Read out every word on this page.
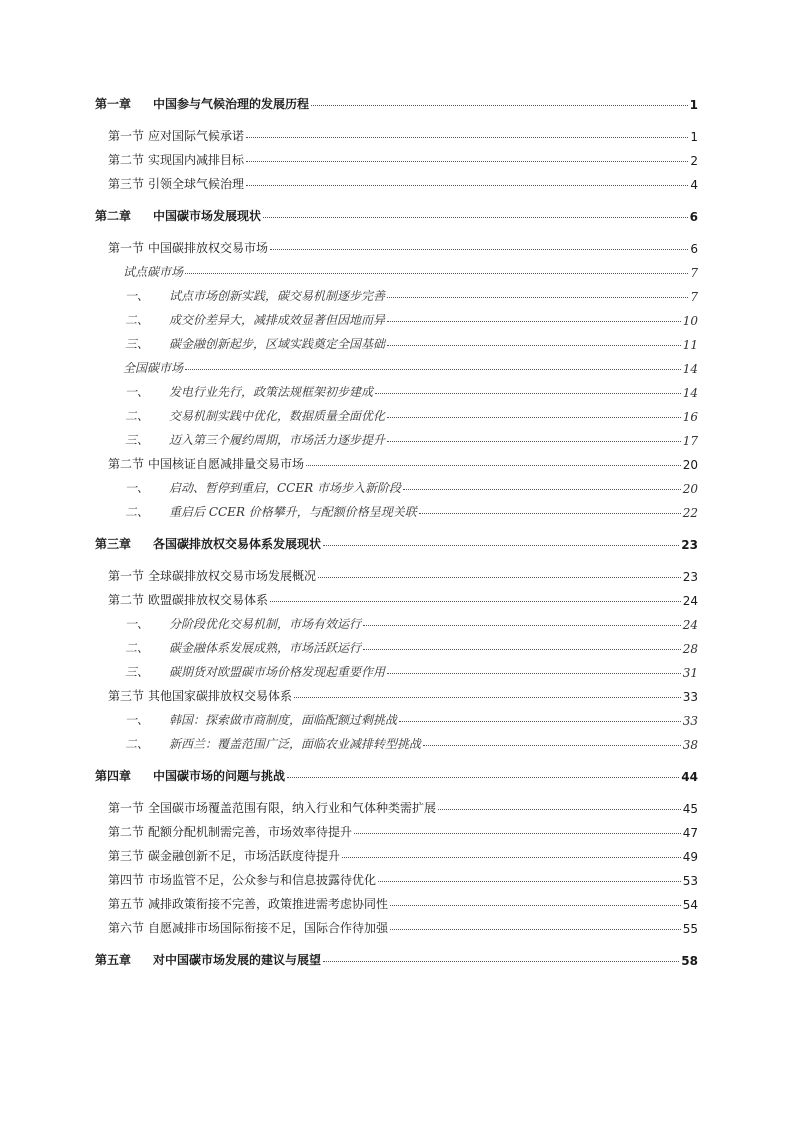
第一章	中国参与气候治理的发展历程	1
第一节 应对国际气候承诺	1
第二节 实现国内减排目标	2
第三节 引领全球气候治理	4
第二章	中国碳市场发展现状	6
第一节 中国碳排放权交易市场	6
试点碳市场	7
一、	试点市场创新实践，碳交易机制逐步完善	7
二、	成交价差异大，减排成效显著但因地而异	10
三、	碳金融创新起步，区域实践奠定全国基础	11
全国碳市场	14
一、	发电行业先行，政策法规框架初步建成	14
二、	交易机制实践中优化，数据质量全面优化	16
三、	迈入第三个履约周期，市场活力逐步提升	17
第二节 中国核证自愿减排量交易市场	20
一、	启动、暂停到重启，CCER 市场步入新阶段	20
二、	重启后 CCER 价格攀升，与配额价格呈现关联	22
第三章	各国碳排放权交易体系发展现状	23
第一节 全球碳排放权交易市场发展概况	23
第二节 欧盟碳排放权交易体系	24
一、	分阶段优化交易机制，市场有效运行	24
二、	碳金融体系发展成熟，市场活跃运行	28
三、	碳期货对欧盟碳市场价格发现起重要作用	31
第三节 其他国家碳排放权交易体系	33
一、	韩国：探索做市商制度，面临配额过剩挑战	33
二、	新西兰：覆盖范围广泛，面临农业减排转型挑战	38
第四章	中国碳市场的问题与挑战	44
第一节 全国碳市场覆盖范围有限，纳入行业和气体种类需扩展	45
第二节 配额分配机制需完善，市场效率待提升	47
第三节 碳金融创新不足，市场活跃度待提升	49
第四节 市场监管不足，公众参与和信息披露待优化	53
第五节 减排政策衔接不完善，政策推进需考虑协同性	54
第六节 自愿减排市场国际衔接不足，国际合作待加强	55
第五章	对中国碳市场发展的建议与展望	58
